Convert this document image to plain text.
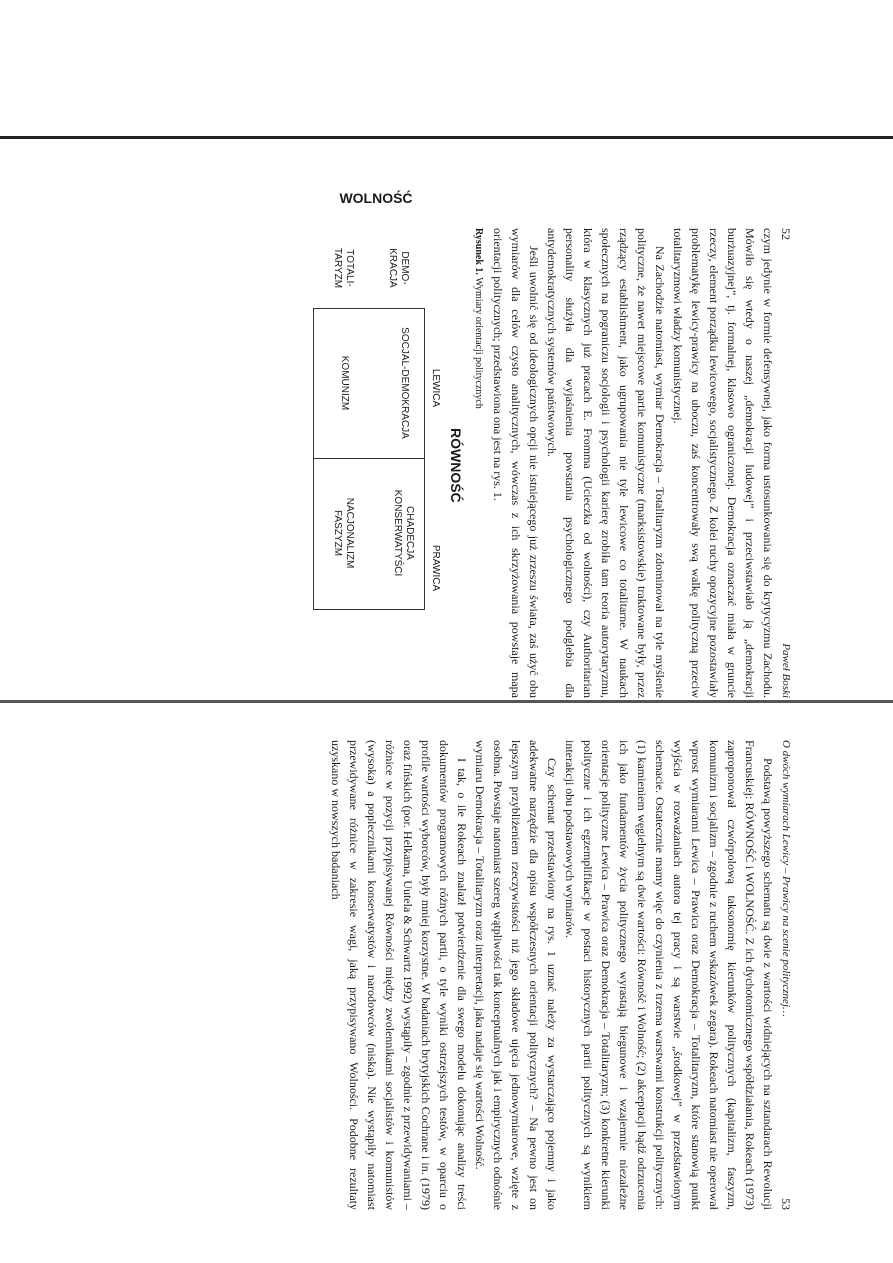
52
Paweł Boski

czym jedynie w formie defensywnej, jako forma ustosunkowania się do krytycyzmu Zachodu. Mówiło się wtedy o naszej „demokracji ludowej” i przeciwstawiało ją „demokracji burżuazyjnej”, tj. formalnej, klasowo ograniczonej. Demokracja oznaczać miała w gruncie rzeczy, element porządku lewicowego, socjalistycznego. Z kolei ruchy opozycyjne pozostawiały problematykę lewicy-prawicy na uboczu, zaś koncentrowały swą walkę polityczną przeciw totalitaryzmowi władzy komunistycznej.

Na Zachodzie natomiast, wymiar Demokracja – Totalitaryzm zdominował na tyle myślenie polityczne, że nawet miejscowe partie komunistyczne (marksistowskie) traktowane były, przez rządzący establishment, jako ugrupowania nie tyle lewicowe co totalitarne. W naukach społecznych na pograniczu socjologii i psychologii karierę zrobiła tam teoria autorytaryzmu, która w klasycznych już pracach E. Fromma (Ucieczka od wolności), czy Authoritarian personality służyła dla wyjaśnienia powstania psychologicznego podglebia dla antydemokratycznych systemów państwowych.

Jeśli uwolnić się od ideologicznych opcji nie istniejącego już zrzeszu świata, zaś użyć obu wymiarów dla celów czysto analitycznych, wówczas z ich skrzyżowania powstaje mapa orientacji politycznych; przedstawiona ona jest na rys. 1.

Rysunek 1. Wymiary orientacji politycznych
RÓWNOŚĆ
LEWICA
PRAWICA
SOCJAL-DEMOKRACJA
CHADECJA
KONSERWATYŚCI
KOMUNIZM
NACJONALIZM
FASZYZM
DEMO-
KRACJA
TOTALI-
TARYZM
WOLNOŚĆ
O dwóch wymiarach Lewicy – Prawicy na scenie politycznej…
53

Podstawą powyższego schematu są dwie z wartości widniejących na sztandarach Rewolucji Francuskiej: RÓWNOŚĆ i WOLNOŚĆ. Z ich dychotomicznego współdziałania, Rokeach (1973) zaproponował czwórpolową taksonomię kierunków politycznych (kapitalizm, faszyzm, komunizm i socjalizm – zgodnie z ruchem wskazówek zegara). Rokeach natomiast nie operował wprost wymiarami Lewica – Prawica oraz Demokracja – Totalitaryzm, które stanowią punkt wyjścia w rozważaniach autora tej pracy i są warstwie „środkowej” w przedstawionym schemacie. Ostatecznie mamy więc do czynienia z trzema warstwami konstrukcji politycznych: (1) kamieniem węgielnym są dwie wartości: Równość i Wolność; (2) akceptacji bądź odrzucenia ich jako fundamentów życia politycznego wyrastają biegunowe i wzajemnie niezależne orientacje polityczne Lewica – Prawica oraz Demokracja – Totalitaryzm; (3) konkretne kierunki polityczne i ich egzemplifikacje w postaci historycznych partii politycznych są wynikiem interakcji obu podstawowych wymiarów.

Czy schemat przedstawiony na rys. 1 uznać należy za wystarczająco pojemny i jako adekwatne narzędzie dla opisu współczesnych orientacji politycznych? – Na pewno jest on lepszym przybliżeniem rzeczywistości niż jego składowe ujęcia jednowymiarowe, wzięte z osobna. Powstaje natomiast szereg wątpliwości tak konceptualnych jak i empirycznych odnośnie wymiaru Demokracja – Totalitaryzm oraz interpretacji, jaka nadaje się wartości Wolność.

I tak, o ile Rokeach znalazł potwierdzenie dla swego modelu dokonując analizy treści dokumentów programowych różnych partii, o tyle wyniki ostrzejszych testów, w oparciu o profile wartości wyborców, były mniej korzystne. W badaniach brytyjskich Cochrane i in. (1979) oraz fińskich (por. Helkama, Uutela & Schwartz 1992) wystąpiły – zgodnie z przewidywaniami – różnice w pozycji przypisywanej Równości między zwolennikami socjalistów i komunistów (wysoka) a poplecznikami konserwatystów i narodowców (niska). Nie wystąpiły natomiast przewidywane różnice w zakresie wagi, jaką przypisywano Wolności. Podobne rezultaty uzyskano w nowszych badaniach
